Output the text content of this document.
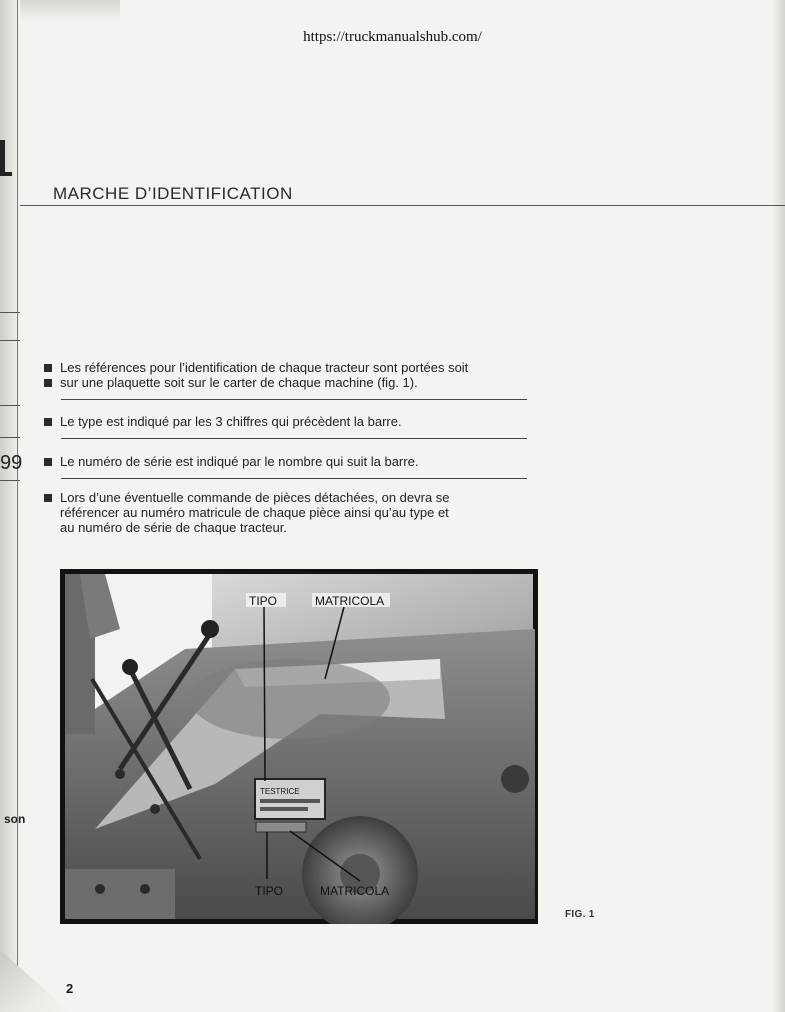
https://truckmanualshub.com/
MARCHE D’IDENTIFICATION
99
son
Les références pour l’identification de chaque tracteur sont portées soit
sur une plaquette soit sur le carter de chaque machine (fig. 1).
Le type est indiqué par les 3 chiffres qui précèdent la barre.
Le numéro de série est indiqué par le nombre qui suit la barre.
Lors d’une éventuelle commande de pièces détachées, on devra se
référencer au numéro matricule de chaque pièce ainsi qu’au type et
au numéro de série de chaque tracteur.
TESTRICE
TIPO	MATRICOLA
TIPO	MATRICOLA
FIG. 1
2
